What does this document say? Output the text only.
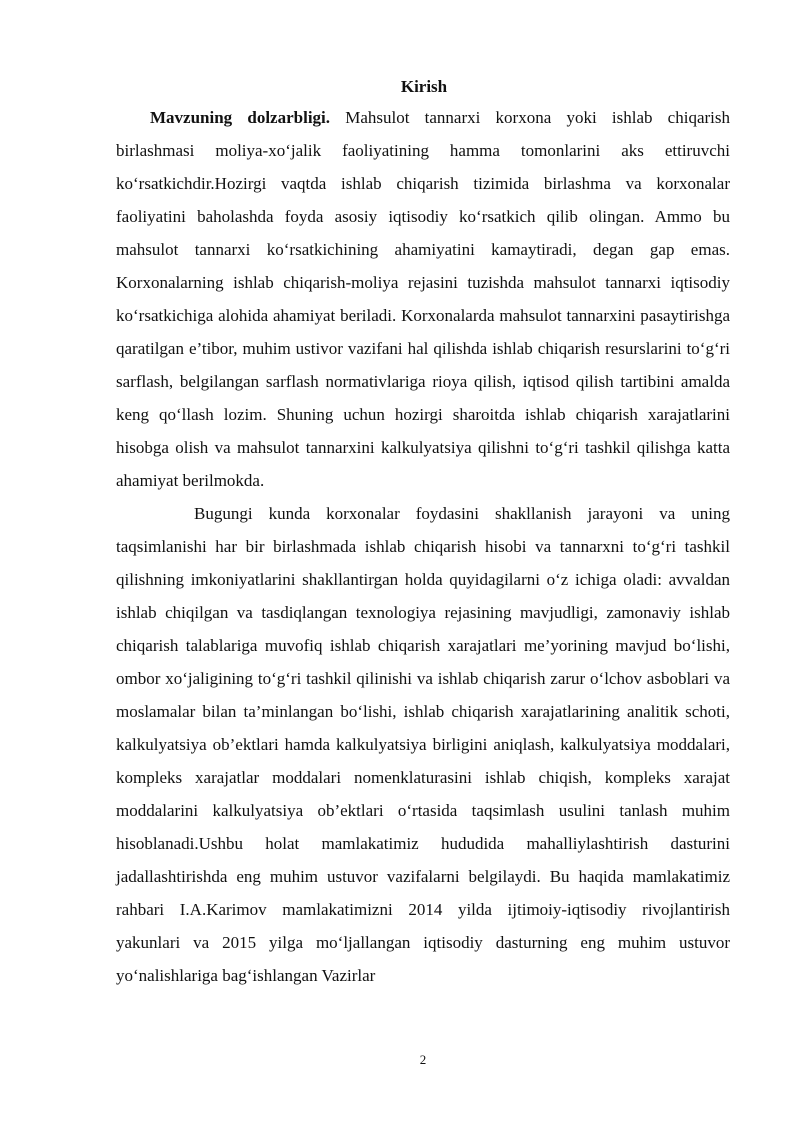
Kirish

Mavzuning dolzarbligi. Mahsulot tannarxi korxona yoki ishlab chiqarish birlashmasi moliya-xo‘jalik faoliyatining hamma tomonlarini aks ettiruvchi ko‘rsatkichdir.Hozirgi vaqtda ishlab chiqarish tizimida birlashma va korxonalar faoliyatini baholashda foyda asosiy iqtisodiy ko‘rsatkich qilib olingan. Ammo bu mahsulot tannarxi ko‘rsatkichining ahamiyatini kamaytiradi, degan gap emas. Korxonalarning ishlab chiqarish-moliya rejasini tuzishda mahsulot tannarxi iqtisodiy ko‘rsatkichiga alohida ahamiyat beriladi. Korxonalarda mahsulot tannarxini pasaytirishga qaratilgan e’tibor, muhim ustivor vazifani hal qilishda ishlab chiqarish resurslarini to‘g‘ri sarflash, belgilangan sarflash normativlariga rioya qilish, iqtisod qilish tartibini amalda keng qo‘llash lozim. Shuning uchun hozirgi sharoitda ishlab chiqarish xarajatlarini hisobga olish va mahsulot tannarxini kalkulyatsiya qilishni to‘g‘ri tashkil qilishga katta ahamiyat berilmokda.

Bugungi kunda korxonalar foydasini shakllanish jarayoni va uning taqsimlanishi har bir birlashmada ishlab chiqarish hisobi va tannarxni to‘g‘ri tashkil qilishning imkoniyatlarini shakllantirgan holda quyidagilarni o‘z ichiga oladi: avvaldan ishlab chiqilgan va tasdiqlangan texnologiya rejasining mavjudligi, zamonaviy ishlab chiqarish talablariga muvofiq ishlab chiqarish xarajatlari me’yorining mavjud bo‘lishi, ombor xo‘jaligining to‘g‘ri tashkil qilinishi va ishlab chiqarish zarur o‘lchov asboblari va moslamalar bilan ta’minlangan bo‘lishi, ishlab chiqarish xarajatlarining analitik schoti, kalkulyatsiya ob’ektlari hamda kalkulyatsiya birligini aniqlash, kalkulyatsiya moddalari, kompleks xarajatlar moddalari nomenklaturasini ishlab chiqish, kompleks xarajat moddalarini kalkulyatsiya ob’ektlari o‘rtasida taqsimlash usulini tanlash muhim hisoblanadi.Ushbu holat mamlakatimiz hududida mahalliylashtirish dasturini jadallashtirishda eng muhim ustuvor vazifalarni belgilaydi. Bu haqida mamlakatimiz rahbari I.A.Karimov mamlakatimizni 2014 yilda ijtimoiy-iqtisodiy rivojlantirish yakunlari va 2015 yilga mo‘ljallangan iqtisodiy dasturning eng muhim ustuvor yo‘nalishlariga bag‘ishlangan Vazirlar

2
